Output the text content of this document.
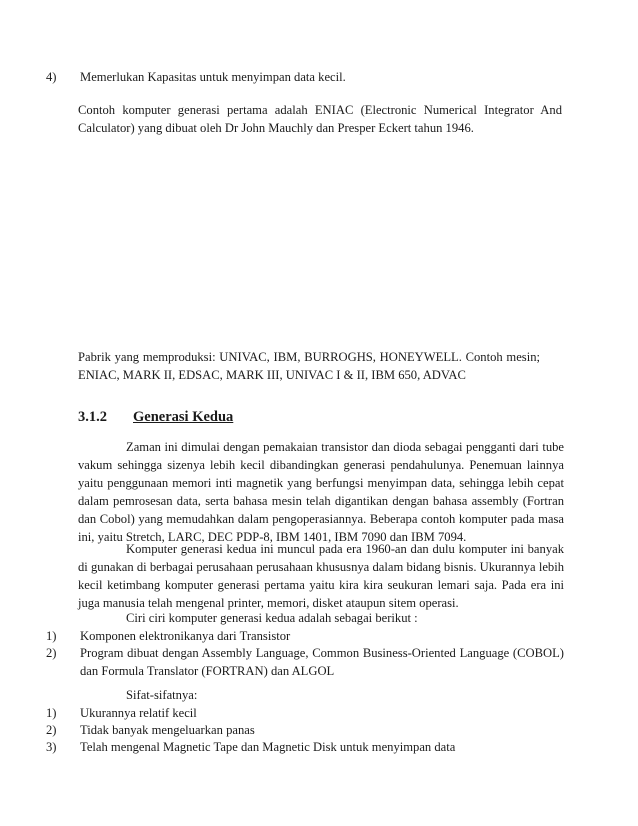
4) Memerlukan Kapasitas untuk menyimpan data kecil.
Contoh komputer generasi pertama adalah ENIAC (Electronic Numerical Integrator And Calculator) yang dibuat oleh Dr John Mauchly dan Presper Eckert tahun 1946.
Pabrik yang memproduksi: UNIVAC, IBM, BURROGHS, HONEYWELL. Contoh mesin; ENIAC, MARK II, EDSAC, MARK III, UNIVAC I & II, IBM 650, ADVAC
3.1.2 Generasi Kedua
Zaman ini dimulai dengan pemakaian transistor dan dioda sebagai pengganti dari tube vakum sehingga sizenya lebih kecil dibandingkan generasi pendahulunya. Penemuan lainnya yaitu penggunaan memori inti magnetik yang berfungsi menyimpan data, sehingga lebih cepat dalam pemrosesan data, serta bahasa mesin telah digantikan dengan bahasa assembly (Fortran dan Cobol) yang memudahkan dalam pengoperasiannya. Beberapa contoh komputer pada masa ini, yaitu Stretch, LARC, DEC PDP-8, IBM 1401, IBM 7090 dan IBM 7094.
Komputer generasi kedua ini muncul pada era 1960-an dan dulu komputer ini banyak di gunakan di berbagai perusahaan perusahaan khususnya dalam bidang bisnis. Ukurannya lebih kecil ketimbang komputer generasi pertama yaitu kira kira seukuran lemari saja. Pada era ini juga manusia telah mengenal printer, memori, disket ataupun sitem operasi.
Ciri ciri komputer generasi kedua adalah sebagai berikut :
1) Komponen elektronikanya dari Transistor
2) Program dibuat dengan Assembly Language, Common Business-Oriented Language (COBOL) dan Formula Translator (FORTRAN) dan ALGOL
Sifat-sifatnya:
1) Ukurannya relatif kecil
2) Tidak banyak mengeluarkan panas
3) Telah mengenal Magnetic Tape dan Magnetic Disk untuk menyimpan data
